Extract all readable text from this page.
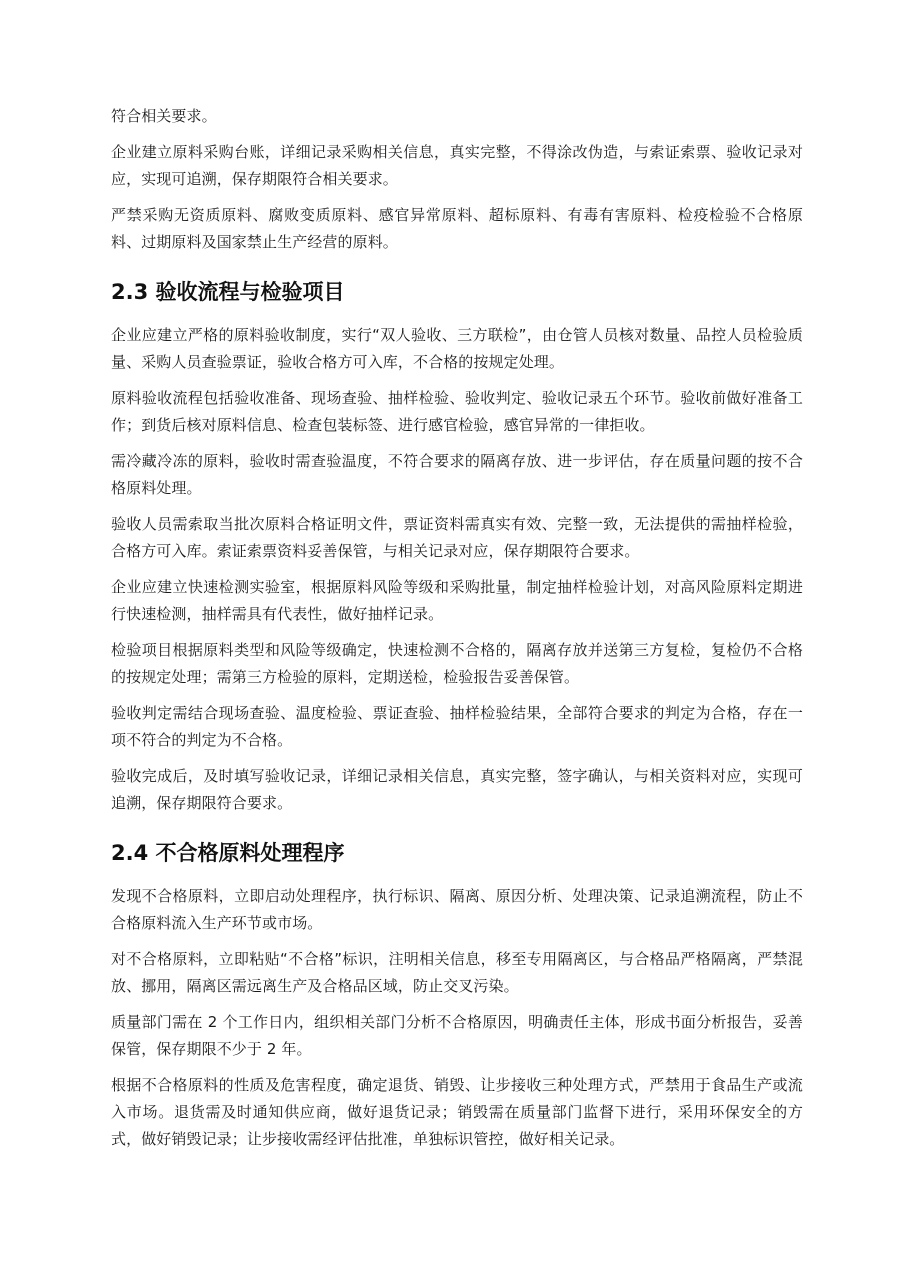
符合相关要求。

企业建立原料采购台账，详细记录采购相关信息，真实完整，不得涂改伪造，与索证索票、验收记录对应，实现可追溯，保存期限符合相关要求。

严禁采购无资质原料、腐败变质原料、感官异常原料、超标原料、有毒有害原料、检疫检验不合格原料、过期原料及国家禁止生产经营的原料。

2.3 验收流程与检验项目

企业应建立严格的原料验收制度，实行“双人验收、三方联检”，由仓管人员核对数量、品控人员检验质量、采购人员查验票证，验收合格方可入库，不合格的按规定处理。

原料验收流程包括验收准备、现场查验、抽样检验、验收判定、验收记录五个环节。验收前做好准备工作；到货后核对原料信息、检查包装标签、进行感官检验，感官异常的一律拒收。

需冷藏冷冻的原料，验收时需查验温度，不符合要求的隔离存放、进一步评估，存在质量问题的按不合格原料处理。

验收人员需索取当批次原料合格证明文件，票证资料需真实有效、完整一致，无法提供的需抽样检验，合格方可入库。索证索票资料妥善保管，与相关记录对应，保存期限符合要求。

企业应建立快速检测实验室，根据原料风险等级和采购批量，制定抽样检验计划，对高风险原料定期进行快速检测，抽样需具有代表性，做好抽样记录。

检验项目根据原料类型和风险等级确定，快速检测不合格的，隔离存放并送第三方复检，复检仍不合格的按规定处理；需第三方检验的原料，定期送检，检验报告妥善保管。

验收判定需结合现场查验、温度检验、票证查验、抽样检验结果，全部符合要求的判定为合格，存在一项不符合的判定为不合格。

验收完成后，及时填写验收记录，详细记录相关信息，真实完整，签字确认，与相关资料对应，实现可追溯，保存期限符合要求。

2.4 不合格原料处理程序

发现不合格原料，立即启动处理程序，执行标识、隔离、原因分析、处理决策、记录追溯流程，防止不合格原料流入生产环节或市场。

对不合格原料，立即粘贴“不合格”标识，注明相关信息，移至专用隔离区，与合格品严格隔离，严禁混放、挪用，隔离区需远离生产及合格品区域，防止交叉污染。

质量部门需在 2 个工作日内，组织相关部门分析不合格原因，明确责任主体，形成书面分析报告，妥善保管，保存期限不少于 2 年。

根据不合格原料的性质及危害程度，确定退货、销毁、让步接收三种处理方式，严禁用于食品生产或流入市场。退货需及时通知供应商，做好退货记录；销毁需在质量部门监督下进行，采用环保安全的方式，做好销毁记录；让步接收需经评估批准，单独标识管控，做好相关记录。
